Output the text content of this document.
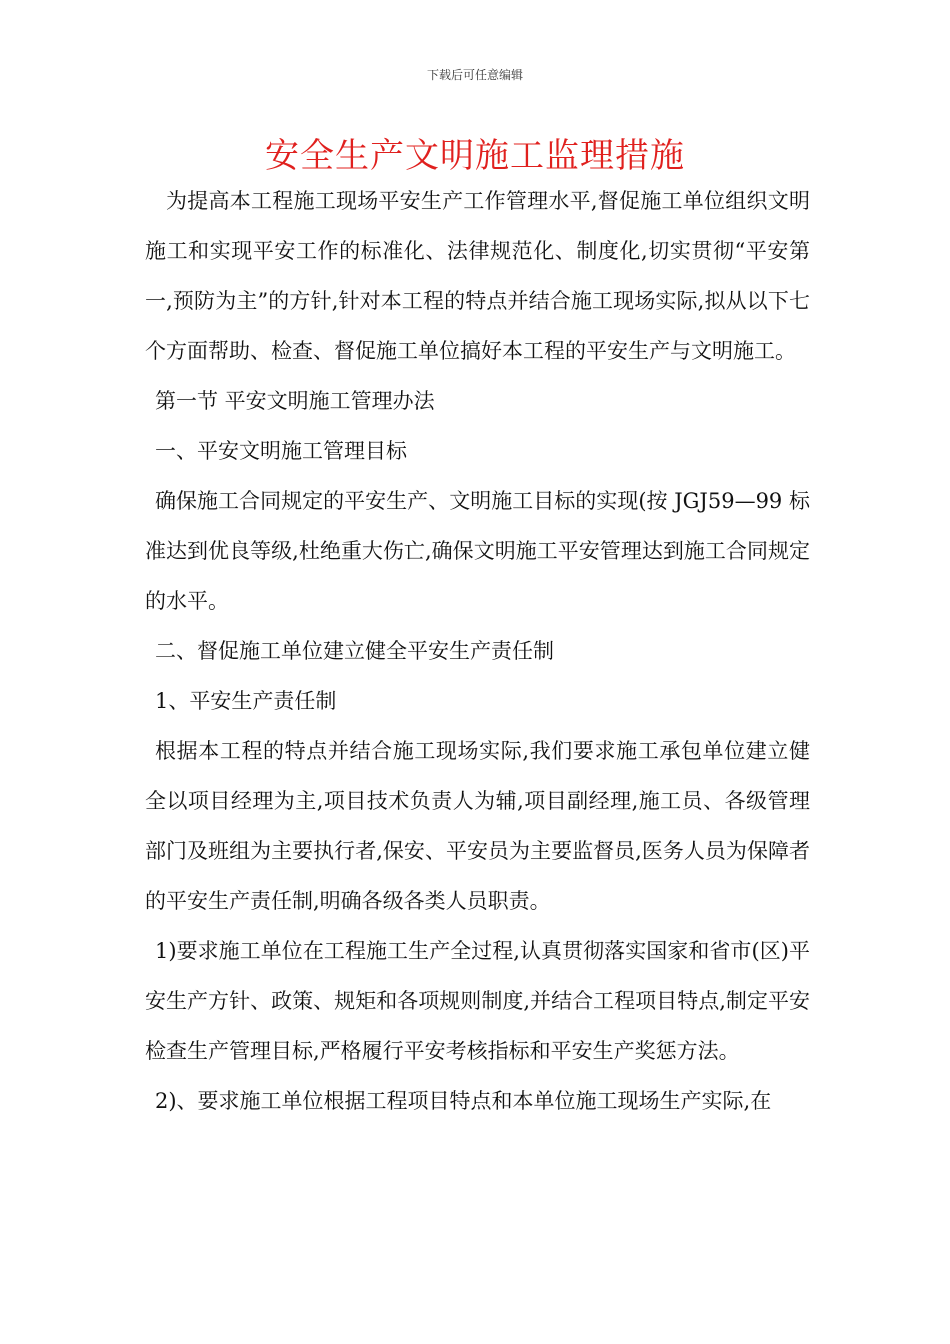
下载后可任意编辑
安全生产文明施工监理措施

为提高本工程施工现场平安生产工作管理水平,督促施工单位组织文明施工和实现平安工作的标准化、法律规范化、制度化,切实贯彻“平安第一,预防为主”的方针,针对本工程的特点并结合施工现场实际,拟从以下七个方面帮助、检查、督促施工单位搞好本工程的平安生产与文明施工。

第一节 平安文明施工管理办法

一、平安文明施工管理目标

确保施工合同规定的平安生产、文明施工目标的实现(按 JGJ59—99 标准达到优良等级,杜绝重大伤亡,确保文明施工平安管理达到施工合同规定的水平。

二、督促施工单位建立健全平安生产责任制

1、平安生产责任制

根据本工程的特点并结合施工现场实际,我们要求施工承包单位建立健全以项目经理为主,项目技术负责人为辅,项目副经理,施工员、各级管理部门及班组为主要执行者,保安、平安员为主要监督员,医务人员为保障者的平安生产责任制,明确各级各类人员职责。

1)要求施工单位在工程施工生产全过程,认真贯彻落实国家和省市(区)平安生产方针、政策、规矩和各项规则制度,并结合工程项目特点,制定平安检查生产管理目标,严格履行平安考核指标和平安生产奖惩方法。

2)、要求施工单位根据工程项目特点和本单位施工现场生产实际,在
